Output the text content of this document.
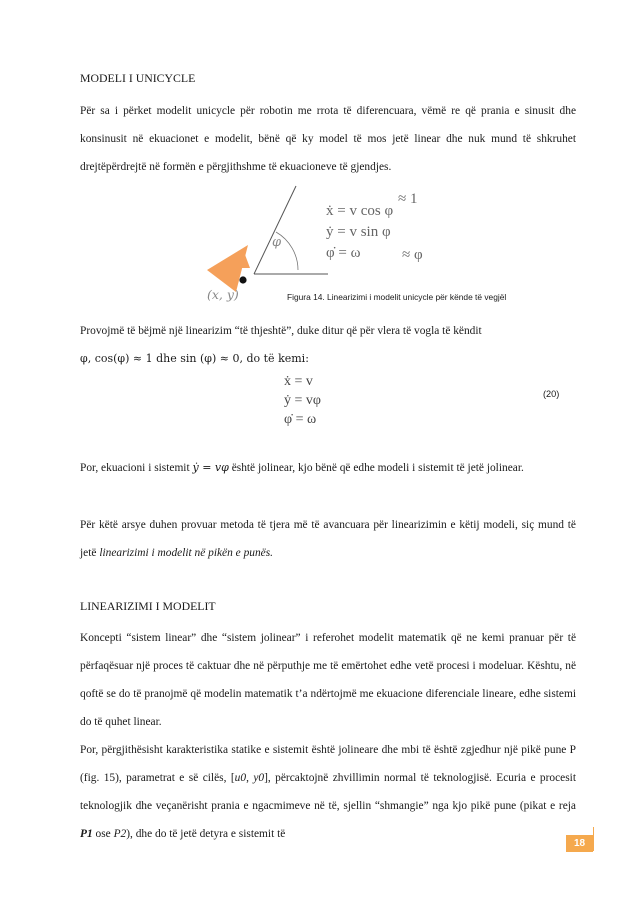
MODELI I UNICYCLE

Për sa i përket modelit unicycle për robotin me rrota të diferencuara, vëmë re që prania e sinusit dhe konsinusit në ekuacionet e modelit, bënë që ky model të mos jetë linear dhe nuk mund të shkruhet drejtëpërdrejtë në formën e përgjithshme të ekuacioneve të gjendjes.

φ
(x, y)
≈ 1
ẋ = v cos φ
ẏ = v sin φ
φ̇ = ω	≈ φ
Figura 14. Linearizimi i modelit unicycle për kënde të vegjël

Provojmë të bëjmë një linearizim “të thjeshtë”, duke ditur që për vlera të vogla të këndit
φ, cos(φ) ≈ 1 dhe sin (φ) ≈ 0, do të kemi:

ẋ = v
ẏ = vφ
φ̇ = ω
(20)

Por, ekuacioni i sistemit ẏ = vφ është jolinear, kjo bënë që edhe modeli i sistemit të jetë jolinear.

Për këtë arsye duhen provuar metoda të tjera më të avancuara për linearizimin e këtij modeli, siç mund të jetë linearizimi i modelit në pikën e punës.

LINEARIZIMI I MODELIT

Koncepti “sistem linear” dhe “sistem jolinear” i referohet modelit matematik që ne kemi pranuar për të përfaqësuar një proces të caktuar dhe në përputhje me të emërtohet edhe vetë procesi i modeluar. Kështu, në qoftë se do të pranojmë që modelin matematik t’a ndërtojmë me ekuacione diferenciale lineare, edhe sistemi do të quhet linear.

Por, përgjithësisht karakteristika statike e sistemit është jolineare dhe mbi të është zgjedhur një pikë pune P (fig. 15), parametrat e së cilës, [u0, y0], përcaktojnë zhvillimin normal të teknologjisë. Ecuria e procesit teknologjik dhe veçanërisht prania e ngacmimeve në të, sjellin “shmangie” nga kjo pikë pune (pikat e reja P1 ose P2), dhe do të jetë detyra e sistemit të

18
